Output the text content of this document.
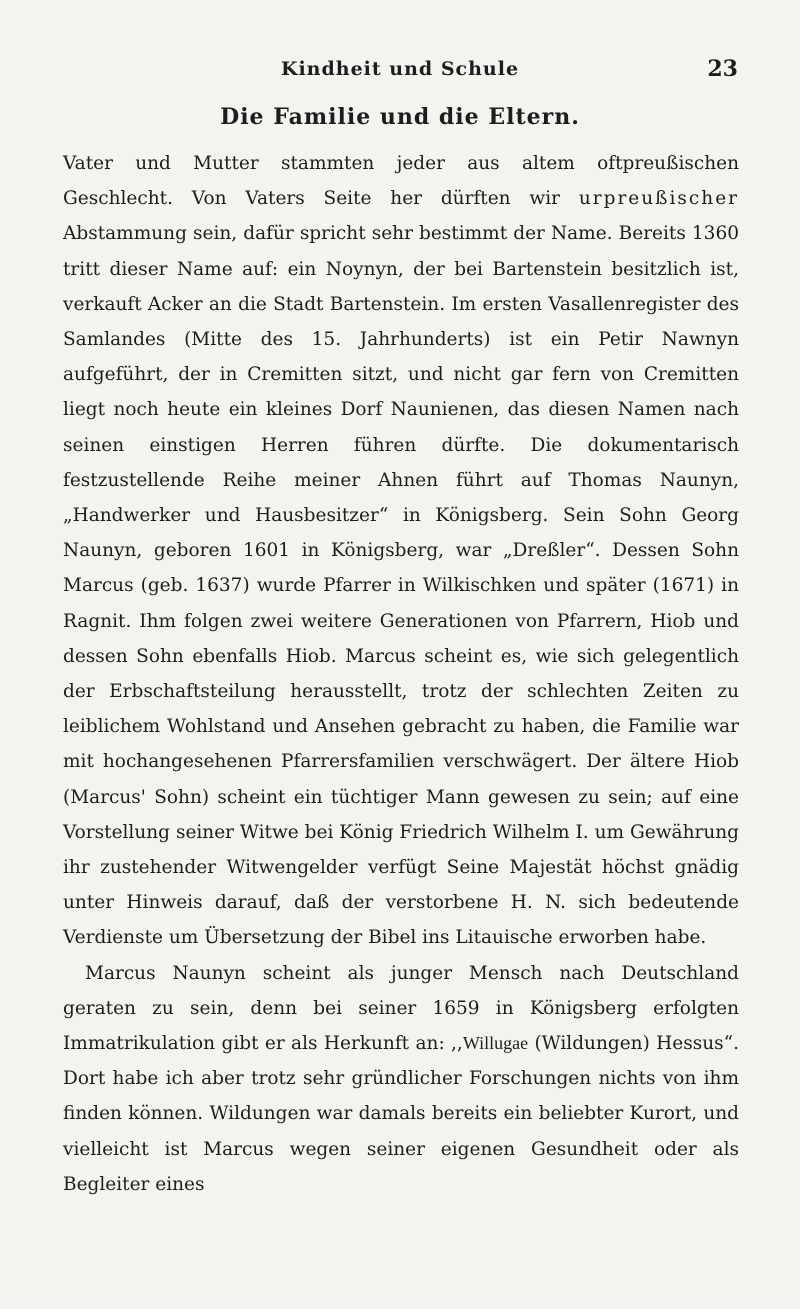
Kindheit und Schule	23
Die Familie und die Eltern.

Vater und Mutter stammten jeder aus altem oftpreußischen Geschlecht. Von Vaters Seite her dürften wir urpreußischer Abstammung sein, dafür spricht sehr bestimmt der Name. Bereits 1360 tritt dieser Name auf: ein Noynyn, der bei Bartenstein besitzlich ist, verkauft Acker an die Stadt Bartenstein. Im ersten Vasallenregister des Samlandes (Mitte des 15. Jahrhunderts) ist ein Petir Nawnyn aufgeführt, der in Cremitten sitzt, und nicht gar fern von Cremitten liegt noch heute ein kleines Dorf Naunienen, das diesen Namen nach seinen einstigen Herren führen dürfte. Die dokumentarisch festzustellende Reihe meiner Ahnen führt auf Thomas Naunyn, „Handwerker und Hausbesitzer“ in Königsberg. Sein Sohn Georg Naunyn, geboren 1601 in Königsberg, war „Dreßler“. Dessen Sohn Marcus (geb. 1637) wurde Pfarrer in Wilkischken und später (1671) in Ragnit. Ihm folgen zwei weitere Generationen von Pfarrern, Hiob und dessen Sohn ebenfalls Hiob. Marcus scheint es, wie sich gelegentlich der Erbschaftsteilung herausstellt, trotz der schlechten Zeiten zu leiblichem Wohlstand und Ansehen gebracht zu haben, die Familie war mit hochangesehenen Pfarrersfamilien verschwägert. Der ältere Hiob (Marcus' Sohn) scheint ein tüchtiger Mann gewesen zu sein; auf eine Vorstellung seiner Witwe bei König Friedrich Wilhelm I. um Gewährung ihr zustehender Witwengelder verfügt Seine Majestät höchst gnädig unter Hinweis darauf, daß der verstorbene H. N. sich bedeutende Verdienste um Übersetzung der Bibel ins Litauische erworben habe.

Marcus Naunyn scheint als junger Mensch nach Deutschland geraten zu sein, denn bei seiner 1659 in Königsberg erfolgten Immatrikulation gibt er als Herkunft an: ,,Willugae (Wildungen) Hessus“. Dort habe ich aber trotz sehr gründlicher Forschungen nichts von ihm finden können. Wildungen war damals bereits ein beliebter Kurort, und vielleicht ist Marcus wegen seiner eigenen Gesundheit oder als Begleiter eines
